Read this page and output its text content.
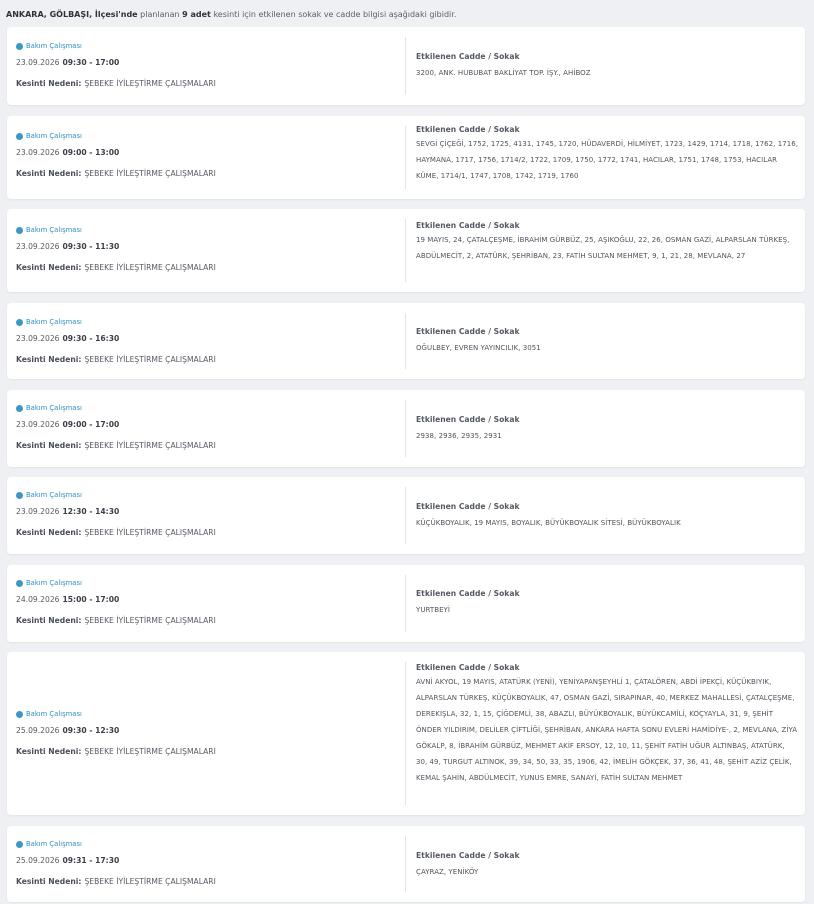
ANKARA, GÖLBAŞI, İlçesi'nde planlanan 9 adet kesinti için etkilenen sokak ve cadde bilgisi aşağıdaki gibidir.
Bakım Çalışması
23.09.2026 09:30 - 17:00
Kesinti Nedeni: ŞEBEKE İYİLEŞTİRME ÇALIŞMALARI
Etkilenen Cadde / Sokak
3200, ANK. HUBUBAT BAKLİYAT TOP. İŞY., AHİBOZ
Bakım Çalışması
23.09.2026 09:00 - 13:00
Kesinti Nedeni: ŞEBEKE İYİLEŞTİRME ÇALIŞMALARI
Etkilenen Cadde / Sokak
SEVGİ ÇİÇEĞİ, 1752, 1725, 4131, 1745, 1720, HÜDAVERDİ, HİLMİYET, 1723, 1429, 1714, 1718, 1762, 1716, HAYMANA, 1717, 1756, 1714/2, 1722, 1709, 1750, 1772, 1741, HACILAR, 1751, 1748, 1753, HACILAR KÜME, 1714/1, 1747, 1708, 1742, 1719, 1760
Bakım Çalışması
23.09.2026 09:30 - 11:30
Kesinti Nedeni: ŞEBEKE İYİLEŞTİRME ÇALIŞMALARI
Etkilenen Cadde / Sokak
19 MAYIS, 24, ÇATALÇEŞME, İBRAHİM GÜRBÜZ, 25, AŞIKOĞLU, 22, 26, OSMAN GAZİ, ALPARSLAN TÜRKEŞ, ABDÜLMECİT, 2, ATATÜRK, ŞEHRİBAN, 23, FATİH SULTAN MEHMET, 9, 1, 21, 28, MEVLANA, 27
Bakım Çalışması
23.09.2026 09:30 - 16:30
Kesinti Nedeni: ŞEBEKE İYİLEŞTİRME ÇALIŞMALARI
Etkilenen Cadde / Sokak
OĞULBEY, EVREN YAYINCILIK, 3051
Bakım Çalışması
23.09.2026 09:00 - 17:00
Kesinti Nedeni: ŞEBEKE İYİLEŞTİRME ÇALIŞMALARI
Etkilenen Cadde / Sokak
2938, 2936, 2935, 2931
Bakım Çalışması
23.09.2026 12:30 - 14:30
Kesinti Nedeni: ŞEBEKE İYİLEŞTİRME ÇALIŞMALARI
Etkilenen Cadde / Sokak
KÜÇÜKBOYALIK, 19 MAYIS, BOYALIK, BÜYÜKBOYALIK SİTESİ, BÜYÜKBOYALIK
Bakım Çalışması
24.09.2026 15:00 - 17:00
Kesinti Nedeni: ŞEBEKE İYİLEŞTİRME ÇALIŞMALARI
Etkilenen Cadde / Sokak
YURTBEYİ
Bakım Çalışması
25.09.2026 09:30 - 12:30
Kesinti Nedeni: ŞEBEKE İYİLEŞTİRME ÇALIŞMALARI
Etkilenen Cadde / Sokak
AVNİ AKYOL, 19 MAYIS, ATATÜRK (YENİ), YENİYAPANŞEYHLİ 1, ÇATALÖREN, ABDİ İPEKÇİ, KÜÇÜKBIYIK, ALPARSLAN TÜRKEŞ, KÜÇÜKBOYALIK, 47, OSMAN GAZİ, SIRAPINAR, 40, MERKEZ MAHALLESİ, ÇATALÇEŞME, DEREKIŞLA, 32, 1, 15, ÇİĞDEMLİ, 38, ABAZLI, BÜYÜKBOYALIK, BÜYÜKCAMİLİ, KOÇYAYLA, 31, 9, ŞEHİT ÖNDER YILDIRIM, DELİLER ÇİFTLİĞİ, ŞEHRİBAN, ANKARA HAFTA SONU EVLERİ HAMİDİYE-, 2, MEVLANA, ZİYA GÖKALP, 8, İBRAHİM GÜRBÜZ, MEHMET AKİF ERSOY, 12, 10, 11, ŞEHİT FATİH UĞUR ALTINBAŞ, ATATÜRK, 30, 49, TURGUT ALTINOK, 39, 34, 50, 33, 35, 1906, 42, İMELİH GÖKÇEK, 37, 36, 41, 48, ŞEHİT AZİZ ÇELİK, KEMAL ŞAHİN, ABDÜLMECİT, YUNUS EMRE, SANAYİ, FATİH SULTAN MEHMET
Bakım Çalışması
25.09.2026 09:31 - 17:30
Kesinti Nedeni: ŞEBEKE İYİLEŞTİRME ÇALIŞMALARI
Etkilenen Cadde / Sokak
ÇAYRAZ, YENİKÖY
